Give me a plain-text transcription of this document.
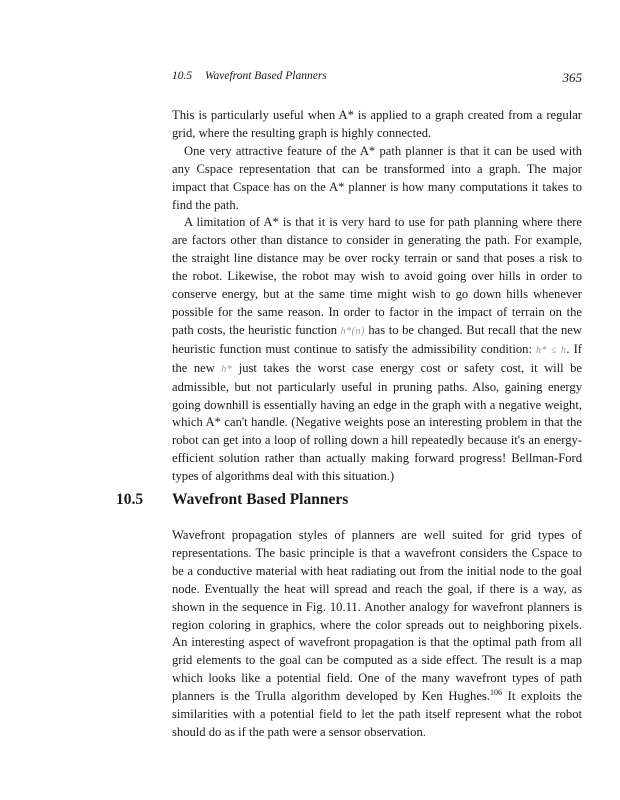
10.5 Wavefront Based Planners	365

This is particularly useful when A* is applied to a graph created from a regular grid, where the resulting graph is highly connected.

One very attractive feature of the A* path planner is that it can be used with any Cspace representation that can be transformed into a graph. The major impact that Cspace has on the A* planner is how many computations it takes to find the path.

A limitation of A* is that it is very hard to use for path planning where there are factors other than distance to consider in generating the path. For example, the straight line distance may be over rocky terrain or sand that poses a risk to the robot. Likewise, the robot may wish to avoid going over hills in order to conserve energy, but at the same time might wish to go down hills whenever possible for the same reason. In order to factor in the impact of terrain on the path costs, the heuristic function h*(n) has to be changed. But recall that the new heuristic function must continue to satisfy the admissibility condition: h* ≤ h. If the new h* just takes the worst case energy cost or safety cost, it will be admissible, but not particularly useful in pruning paths. Also, gaining energy going downhill is essentially having an edge in the graph with a negative weight, which A* can't handle. (Negative weights pose an interesting problem in that the robot can get into a loop of rolling down a hill repeatedly because it's an energy-efficient solution rather than actually making forward progress! Bellman-Ford types of algorithms deal with this situation.)

10.5 Wavefront Based Planners

Wavefront propagation styles of planners are well suited for grid types of representations. The basic principle is that a wavefront considers the Cspace to be a conductive material with heat radiating out from the initial node to the goal node. Eventually the heat will spread and reach the goal, if there is a way, as shown in the sequence in Fig. 10.11. Another analogy for wavefront planners is region coloring in graphics, where the color spreads out to neighboring pixels. An interesting aspect of wavefront propagation is that the optimal path from all grid elements to the goal can be computed as a side effect. The result is a map which looks like a potential field. One of the many wavefront types of path planners is the Trulla algorithm developed by Ken Hughes.$^{106}$ It exploits the similarities with a potential field to let the path itself represent what the robot should do as if the path were a sensor observation.
